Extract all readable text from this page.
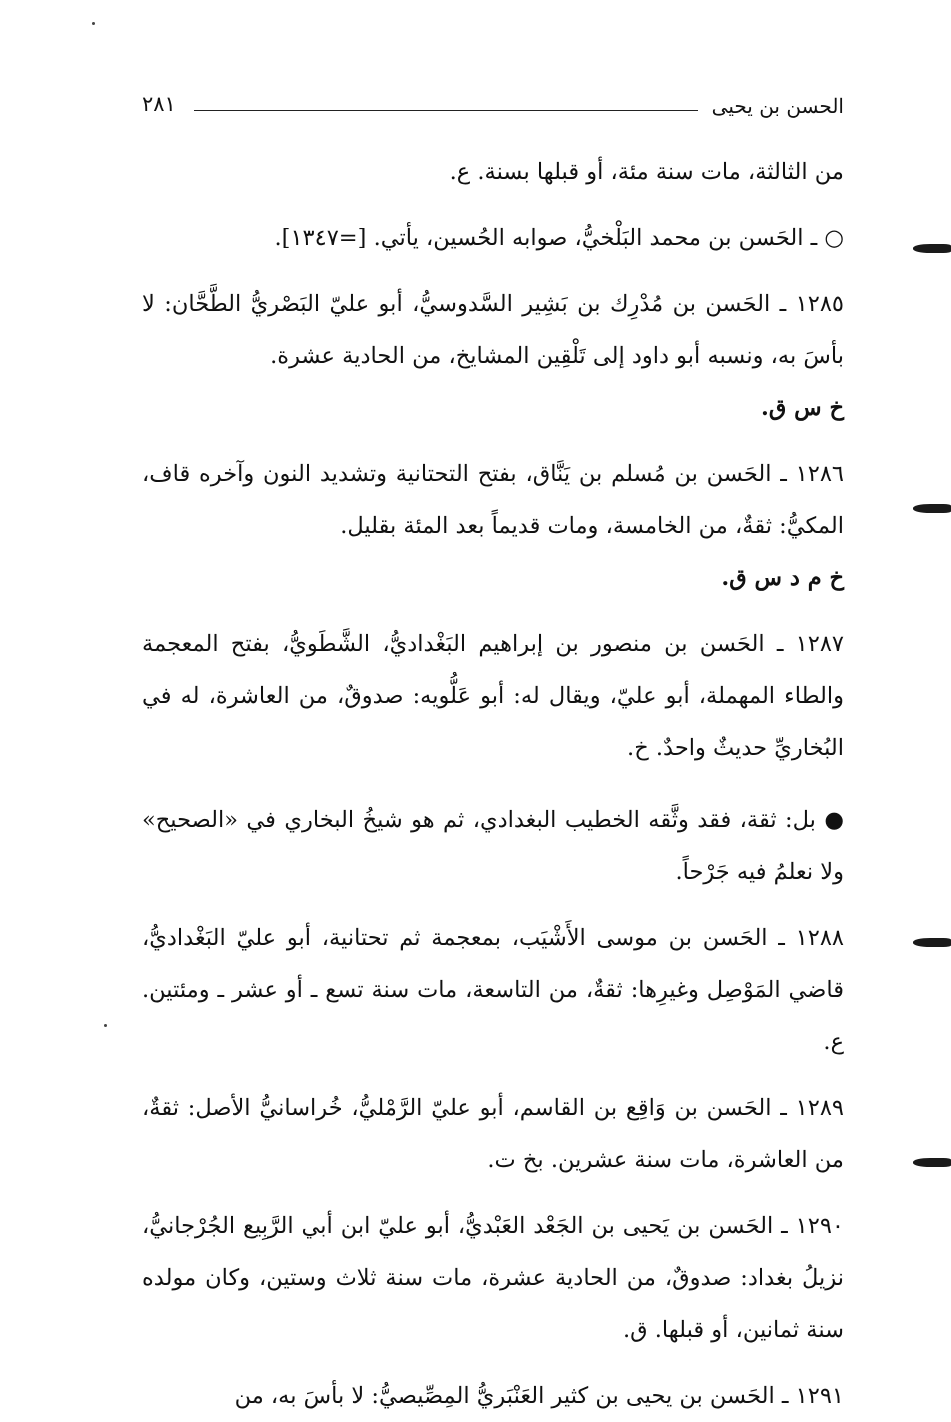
الحسن بن يحيى
٢٨١

من الثالثة، مات سنة مئة، أو قبلها بسنة. ع.

○ ـ الحَسن بن محمد البَلْخيُّ، صوابه الحُسين، يأتي. [=١٣٤٧].

١٢٨٥ ـ الحَسن بن مُدْرِك بن بَشِير السَّدوسيُّ، أبو عليّ البَصْريُّ الطَّحَّان: لا بأسَ به، ونسبه أبو داود إلى تَلْقِين المشايخ، من الحادية عشرة.
خ س ق.
١٢٨٦ ـ الحَسن بن مُسلم بن يَنَّاق، بفتح التحتانية وتشديد النون وآخره قاف، المكيُّ: ثقةٌ، من الخامسة، ومات قديماً بعد المئة بقليل.
خ م د س ق.

١٢٨٧ ـ الحَسن بن منصور بن إبراهيم البَغْداديُّ، الشَّطَويُّ، بفتح المعجمة والطاء المهملة، أبو عليّ، ويقال له: أبو عَلُّويه: صدوقٌ، من العاشرة، له في البُخاريِّ حديثٌ واحدٌ. خ.

● بل: ثقة، فقد وثَّقه الخطيب البغدادي، ثم هو شيخُ البخاري في «الصحيح» ولا نعلمُ فيه جَرْحاً.

١٢٨٨ ـ الحَسن بن موسى الأَشْيَب، بمعجمة ثم تحتانية، أبو عليّ البَغْداديُّ، قاضي المَوْصِل وغيرِها: ثقةٌ، من التاسعة، مات سنة تسع ـ أو عشر ـ ومئتين. ع.

١٢٨٩ ـ الحَسن بن وَاقِع بن القاسم، أبو عليّ الرَّمْليُّ، خُراسانيُّ الأصل: ثقةٌ، من العاشرة، مات سنة عشرين. بخ ت.

١٢٩٠ ـ الحَسن بن يَحيى بن الجَعْد العَبْديُّ، أبو عليّ ابن أبي الرَّبِيع الجُرْجانيُّ، نزيلُ بغداد: صدوقٌ، من الحادية عشرة، مات سنة ثلاث وستين، وكان مولده سنة ثمانين، أو قبلها. ق.

١٢٩١ ـ الحَسن بن يحيى بن كثير العَنْبَريُّ المِصِّيصيُّ: لا بأسَ به، من
